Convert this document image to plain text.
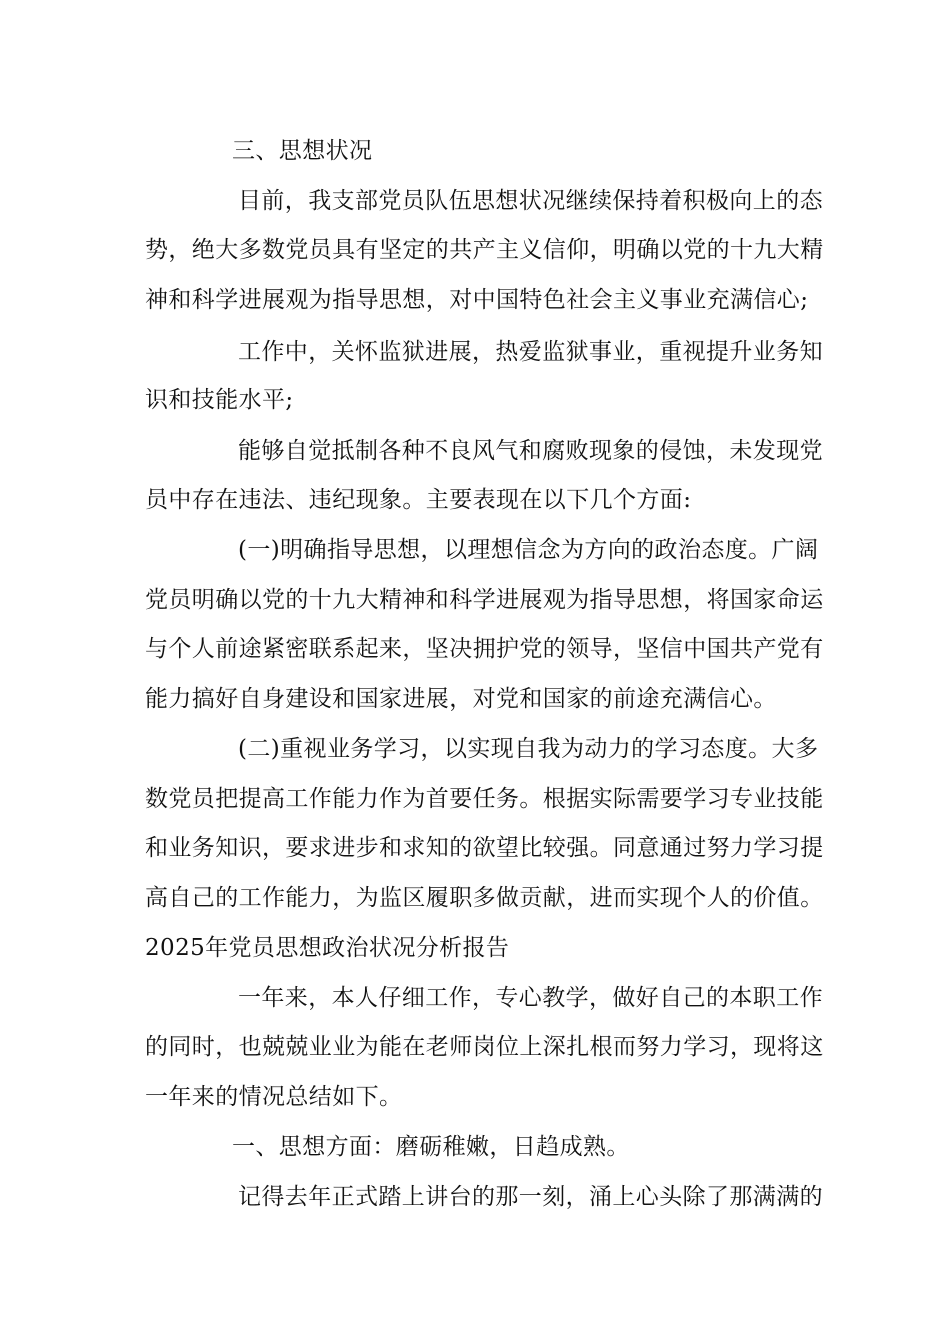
三、思想状况
目前，我支部党员队伍思想状况继续保持着积极向上的态
势，绝大多数党员具有坚定的共产主义信仰，明确以党的十九大精
神和科学进展观为指导思想，对中国特色社会主义事业充满信心;
工作中，关怀监狱进展，热爱监狱事业，重视提升业务知
识和技能水平;
能够自觉抵制各种不良风气和腐败现象的侵蚀，未发现党
员中存在违法、违纪现象。主要表现在以下几个方面:
(一)明确指导思想，以理想信念为方向的政治态度。广阔
党员明确以党的十九大精神和科学进展观为指导思想，将国家命运
与个人前途紧密联系起来，坚决拥护党的领导，坚信中国共产党有
能力搞好自身建设和国家进展，对党和国家的前途充满信心。
(二)重视业务学习，以实现自我为动力的学习态度。大多
数党员把提高工作能力作为首要任务。根据实际需要学习专业技能
和业务知识，要求进步和求知的欲望比较强。同意通过努力学习提
高自己的工作能力，为监区履职多做贡献，进而实现个人的价值。
2025年党员思想政治状况分析报告
一年来，本人仔细工作，专心教学，做好自己的本职工作
的同时，也兢兢业业为能在老师岗位上深扎根而努力学习，现将这
一年来的情况总结如下。
一、思想方面：磨砺稚嫩，日趋成熟。
记得去年正式踏上讲台的那一刻，涌上心头除了那满满的
